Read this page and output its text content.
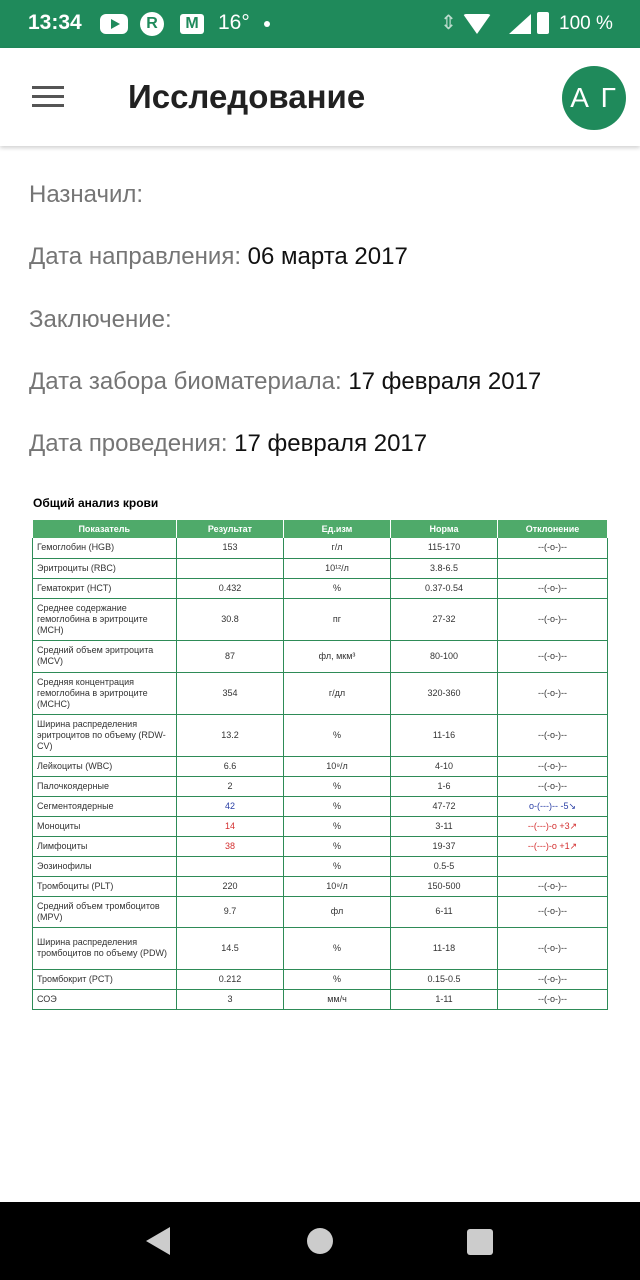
13:34	R	M 16°	⇕	100 %
Исследование	А Г
Назначил:
Дата направления: 06 марта 2017
Заключение:
Дата забора биоматериала: 17 февраля 2017
Дата проведения: 17 февраля 2017
Общий анализ крови
Показатель	Результат	Ед.изм	Норма	Отклонение
Гемоглобин (HGB)	153	г/л	115-170	--(-o-)--
Эритроциты (RBC)		10¹²/л	3.8-6.5	
Гематокрит (HCT)	0.432	%	0.37-0.54	--(-o-)--
Среднее содержание гемоглобина в эритроците (MCH)	30.8	пг	27-32	--(-o-)--
Средний объем эритроцита (MCV)	87	фл, мкм³	80-100	--(-o-)--
Средняя концентрация гемоглобина в эритроците (MCHC)	354	г/дл	320-360	--(-o-)--
Ширина распределения эритроцитов по объему (RDW-CV)	13.2	%	11-16	--(-o-)--
Лейкоциты (WBC)	6.6	10⁹/л	4-10	--(-o-)--
Палочкоядерные	2	%	1-6	--(-o-)--
Сегментоядерные	42	%	47-72	o-(---)-- -5↘
Моноциты	14	%	3-11	--(---)-o +3↗
Лимфоциты	38	%	19-37	--(---)-o +1↗
Эозинофилы		%	0.5-5	
Тромбоциты (PLT)	220	10⁹/л	150-500	--(-o-)--
Средний объем тромбоцитов (MPV)	9.7	фл	6-11	--(-o-)--
Ширина распределения тромбоцитов по объему (PDW)	14.5	%	11-18	--(-o-)--
Тромбокрит (PCT)	0.212	%	0.15-0.5	--(-o-)--
СОЭ	3	мм/ч	1-11	--(-o-)--
